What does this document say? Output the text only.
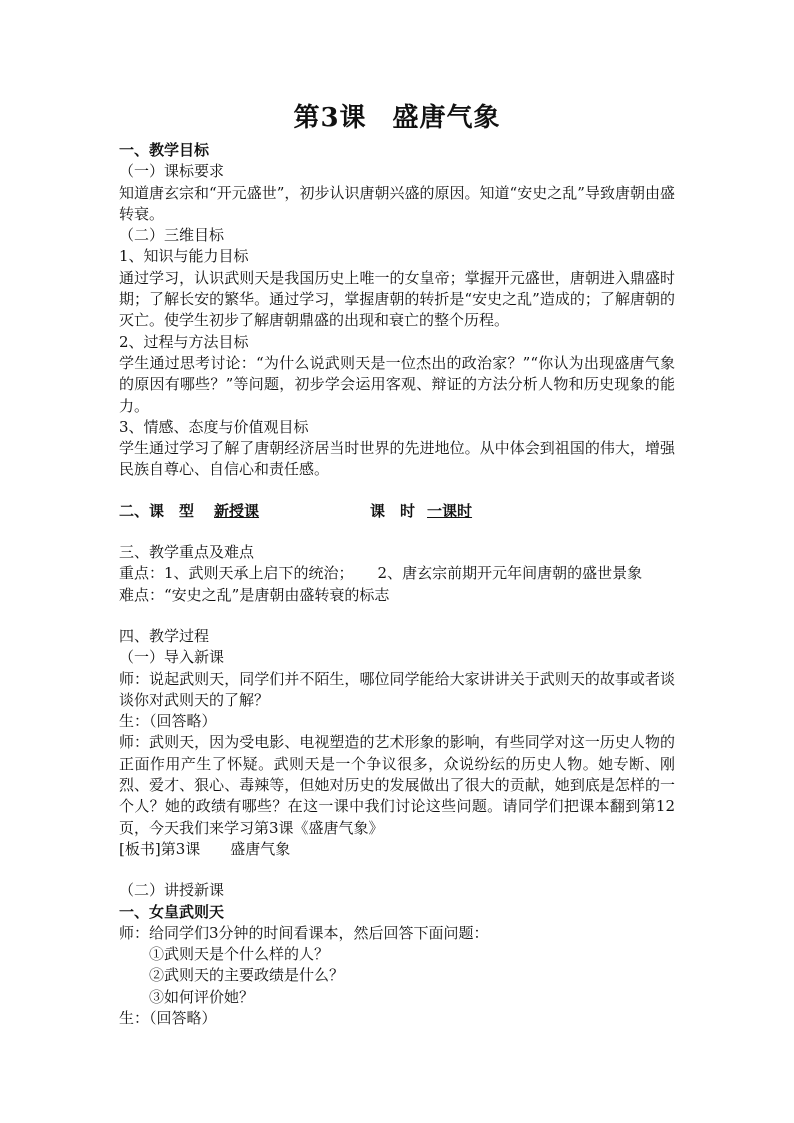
第3课 盛唐气象
一、教学目标
（一）课标要求
知道唐玄宗和“开元盛世”，初步认识唐朝兴盛的原因。知道“安史之乱”导致唐朝由盛转衰。
（二）三维目标
1、知识与能力目标
通过学习，认识武则天是我国历史上唯一的女皇帝；掌握开元盛世，唐朝进入鼎盛时期；了解长安的繁华。通过学习，掌握唐朝的转折是“安史之乱”造成的；了解唐朝的灭亡。使学生初步了解唐朝鼎盛的出现和衰亡的整个历程。
2、过程与方法目标
学生通过思考讨论：“为什么说武则天是一位杰出的政治家？”“你认为出现盛唐气象的原因有哪些？”等问题，初步学会运用客观、辩证的方法分析人物和历史现象的能力。
3、情感、态度与价值观目标
学生通过学习了解了唐朝经济居当时世界的先进地位。从中体会到祖国的伟大，增强民族自尊心、自信心和责任感。
二、课　型 新授课	课　时 一课时
三、教学重点及难点
重点：1、武则天承上启下的统治； 2、唐玄宗前期开元年间唐朝的盛世景象
难点：“安史之乱”是唐朝由盛转衰的标志
四、教学过程
（一）导入新课
师：说起武则天，同学们并不陌生，哪位同学能给大家讲讲关于武则天的故事或者谈谈你对武则天的了解？
生：（回答略）
师：武则天，因为受电影、电视塑造的艺术形象的影响，有些同学对这一历史人物的正面作用产生了怀疑。武则天是一个争议很多，众说纷纭的历史人物。她专断、刚烈、爱才、狠心、毒辣等，但她对历史的发展做出了很大的贡献，她到底是怎样的一个人？她的政绩有哪些？在这一课中我们讨论这些问题。请同学们把课本翻到第12页，今天我们来学习第3课《盛唐气象》
[板书]第3课 盛唐气象
（二）讲授新课
一、女皇武则天
师：给同学们3分钟的时间看课本，然后回答下面问题：
①武则天是个什么样的人？
②武则天的主要政绩是什么？
③如何评价她？
生：（回答略）
